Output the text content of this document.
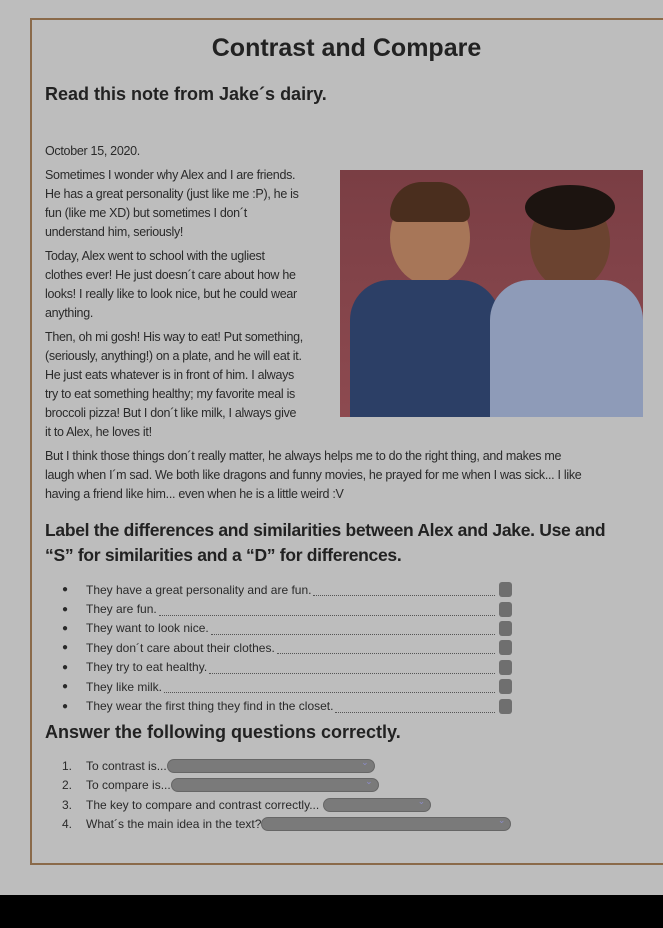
Contrast and Compare
Read this note from Jake´s dairy.
October 15, 2020.
Sometimes I wonder why Alex and I are friends.
He has a great personality (just like me :P), he is
fun (like me XD) but sometimes I don´t
understand him, seriously!
Today, Alex went to school with the ugliest
clothes ever! He just doesn´t care about how he
looks! I really like to look nice, but he could wear
anything.
Then, oh mi gosh! His way to eat! Put something,
(seriously, anything!) on a plate, and he will eat it.
He just eats whatever is in front of him. I always
try to eat something healthy; my favorite meal is
broccoli pizza! But I don´t like milk, I always give
it to Alex, he loves it!
But I think those things don´t really matter, he always helps me to do the right thing, and makes me
laugh when I´m sad. We both like dragons and funny movies, he prayed for me when I was sick... I like
having a friend like him... even when he is a little weird :V
Label the differences and similarities between Alex and Jake. Use and
“S” for similarities and a “D” for differences.
●	They have a great personality and are fun.
●	They are fun.
●	They want to look nice.
●	They don´t care about their clothes.
●	They try to eat healthy.
●	They like milk.
●	They wear the first thing they find in the closet.
Answer the following questions correctly.
1.	To contrast is...	⌄
2.	To compare is...	⌄
3.	The key to compare and contrast correctly...	⌄
4.	What´s the main idea in the text?	⌄
